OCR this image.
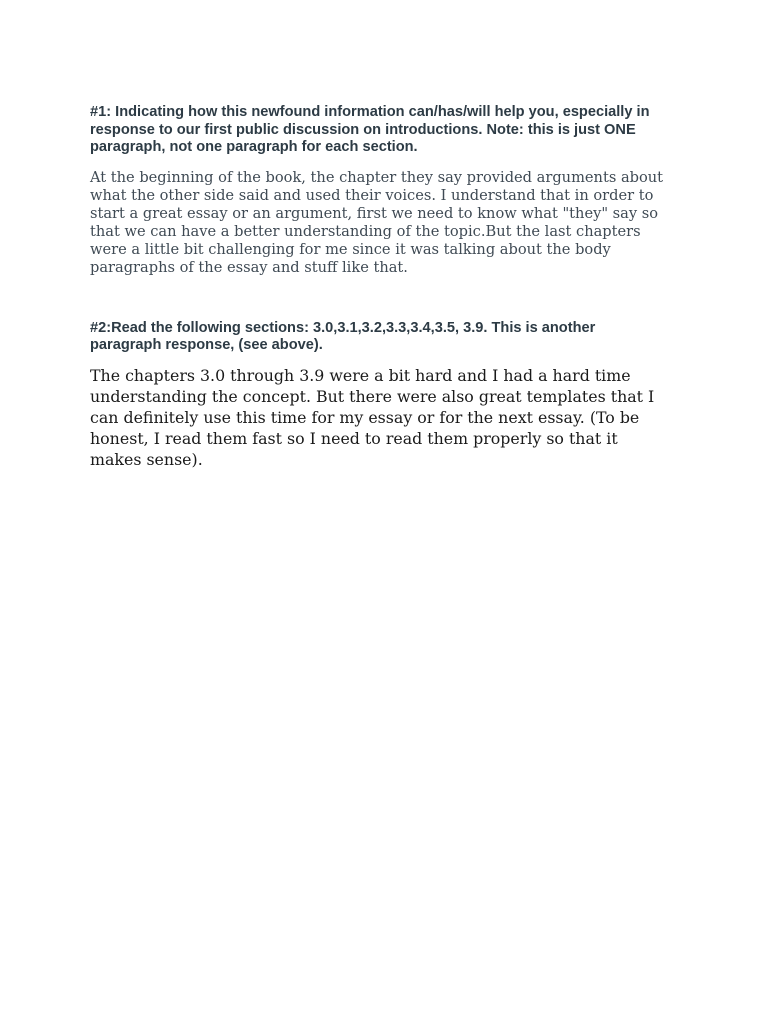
#1: Indicating how this newfound information can/has/will help you, especially in response to our first public discussion on introductions. Note: this is just ONE paragraph, not one paragraph for each section.

At the beginning of the book, the chapter they say provided arguments about what the other side said and used their voices. I understand that in order to start a great essay or an argument, first we need to know what "they" say so that we can have a better understanding of the topic.But the last chapters were a little bit challenging for me since it was talking about the body paragraphs of the essay and stuff like that.

#2:Read the following sections: 3.0,3.1,3.2,3.3,3.4,3.5, 3.9. This is another paragraph response, (see above).

The chapters 3.0 through 3.9 were a bit hard and I had a hard time understanding the concept. But there were also great templates that I can definitely use this time for my essay or for the next essay. (To be honest, I read them fast so I need to read them properly so that it makes sense).
